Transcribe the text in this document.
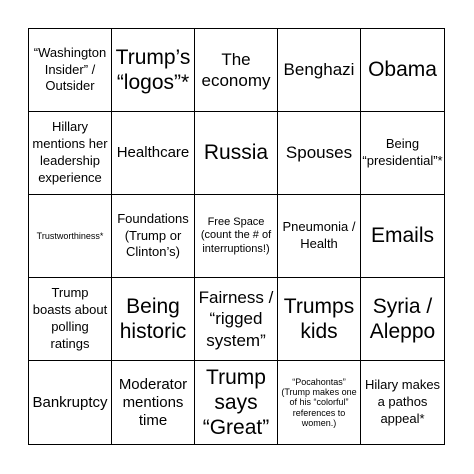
“Washington Insider” / Outsider
Trump’s “logos”*
The economy
Benghazi Obama
Hillary mentions her leadership experience
Healthcare Russia Spouses	Being “presidential”*
Trustworthiness*
Foundations (Trump or Clinton’s)
Free Space (count the # of interruptions!)
Pneumonia / Health	Emails
Trump boasts about polling ratings
Being historic
Fairness / “rigged system”
Trumps kids
Syria / Aleppo
Bankruptcy
Moderator mentions time
Trump says “Great”
“Pocahontas” (Trump makes one of his “colorful” references to women.)
Hilary makes a pathos appeal*
